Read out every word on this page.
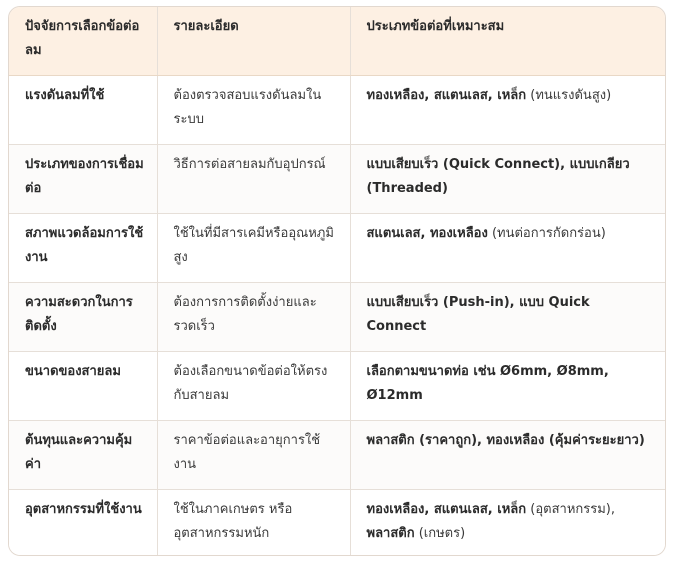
ปัจจัยการเลือกข้อต่อลม	รายละเอียด	ประเภทข้อต่อที่เหมาะสม
แรงดันลมที่ใช้	ต้องตรวจสอบแรงดันลมในระบบ	ทองเหลือง, สแตนเลส, เหล็ก (ทนแรงดันสูง)
ประเภทของการเชื่อมต่อ	วิธีการต่อสายลมกับอุปกรณ์	แบบเสียบเร็ว (Quick Connect), แบบเกลียว (Threaded)
สภาพแวดล้อมการใช้งาน	ใช้ในที่มีสารเคมีหรืออุณหภูมิสูง	สแตนเลส, ทองเหลือง (ทนต่อการกัดกร่อน)
ความสะดวกในการติดตั้ง	ต้องการการติดตั้งง่ายและรวดเร็ว	แบบเสียบเร็ว (Push-in), แบบ Quick Connect
ขนาดของสายลม	ต้องเลือกขนาดข้อต่อให้ตรงกับสายลม	เลือกตามขนาดท่อ เช่น Ø6mm, Ø8mm, Ø12mm
ต้นทุนและความคุ้มค่า	ราคาข้อต่อและอายุการใช้งาน	พลาสติก (ราคาถูก), ทองเหลือง (คุ้มค่าระยะยาว)
อุตสาหกรรมที่ใช้งาน	ใช้ในภาคเกษตร หรืออุตสาหกรรมหนัก	ทองเหลือง, สแตนเลส, เหล็ก (อุตสาหกรรม), พลาสติก (เกษตร)
